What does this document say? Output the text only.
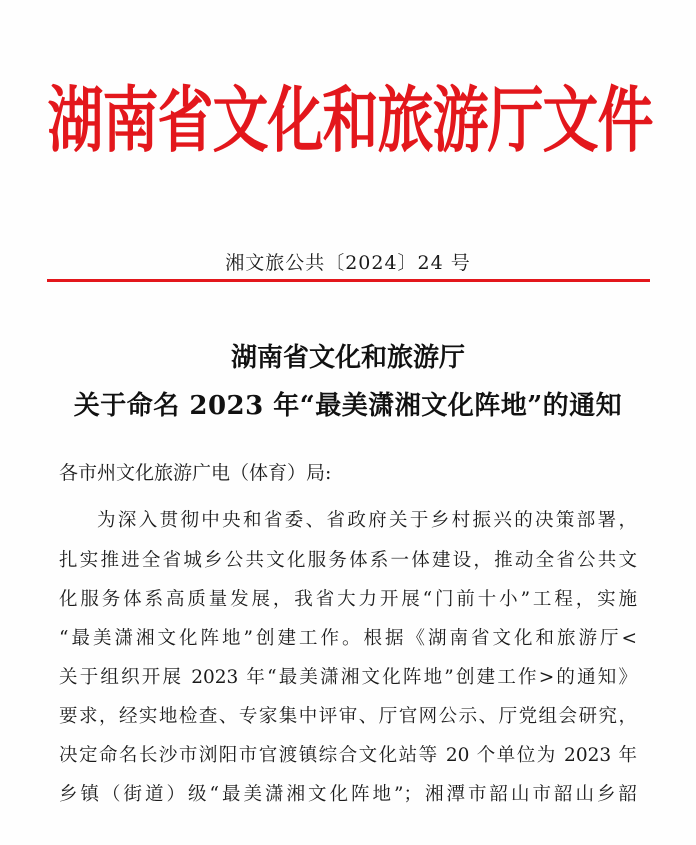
湖南省文化和旅游厅文件
湘文旅公共〔2024〕24 号
湖南省文化和旅游厅
关于命名 2023 年“最美潇湘文化阵地”的通知
各市州文化旅游广电（体育）局:
为深入贯彻中央和省委、省政府关于乡村振兴的决策部署，
扎实推进全省城乡公共文化服务体系一体建设，推动全省公共文
化服务体系高质量发展，我省大力开展“门前十小”工程，实施
“最美潇湘文化阵地”创建工作。根据《湖南省文化和旅游厅<
关于组织开展 2023 年“最美潇湘文化阵地”创建工作>的通知》
要求，经实地检查、专家集中评审、厅官网公示、厅党组会研究，
决定命名长沙市浏阳市官渡镇综合文化站等 20 个单位为 2023 年
乡镇（街道）级“最美潇湘文化阵地”；湘潭市韶山市韶山乡韶
